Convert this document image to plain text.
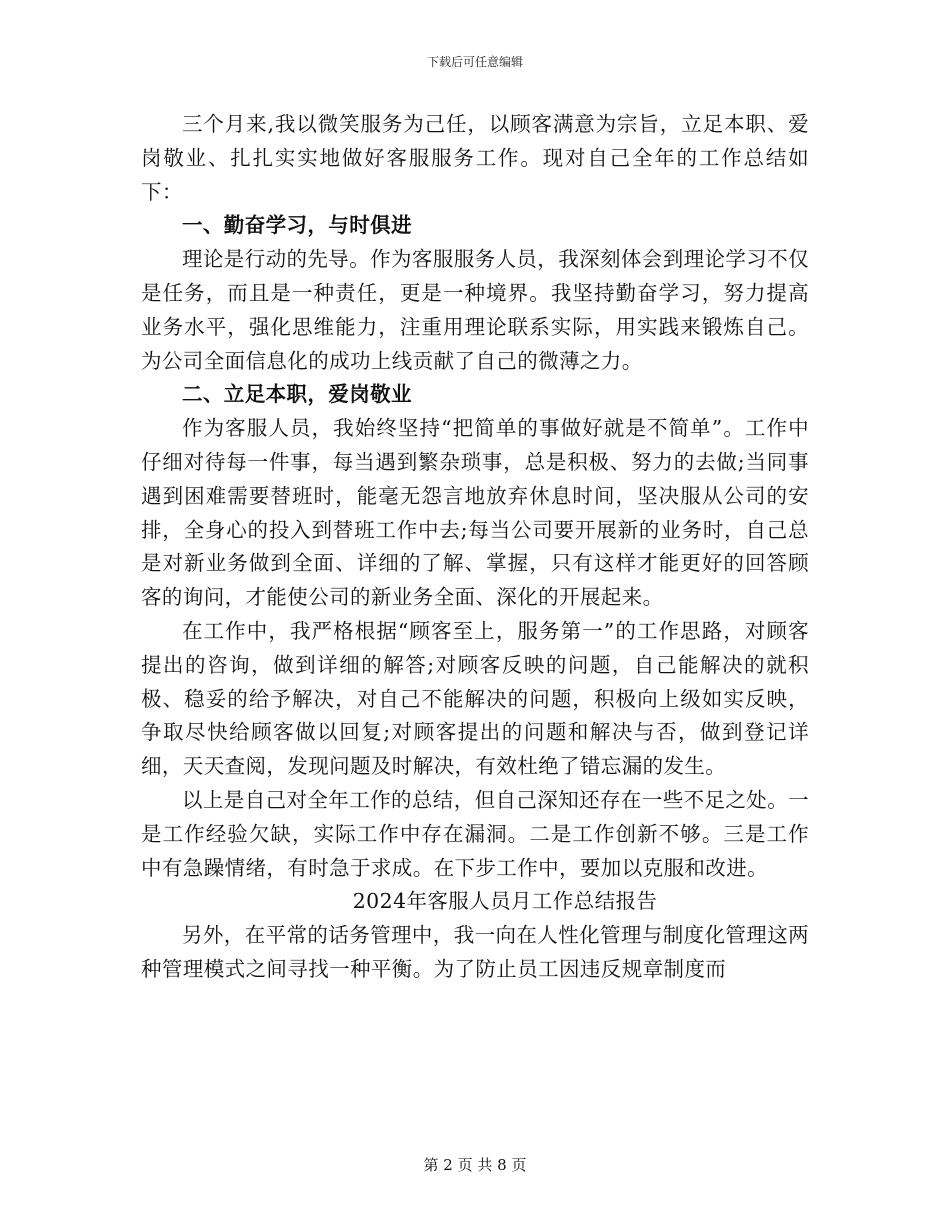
下载后可任意编辑

三个月来,我以微笑服务为己任，以顾客满意为宗旨，立足本职、爱岗敬业、扎扎实实地做好客服服务工作。现对自己全年的工作总结如下：

一、勤奋学习，与时俱进

理论是行动的先导。作为客服服务人员，我深刻体会到理论学习不仅是任务，而且是一种责任，更是一种境界。我坚持勤奋学习，努力提高业务水平，强化思维能力，注重用理论联系实际，用实践来锻炼自己。为公司全面信息化的成功上线贡献了自己的微薄之力。

二、立足本职，爱岗敬业

作为客服人员，我始终坚持“把简单的事做好就是不简单”。工作中仔细对待每一件事，每当遇到繁杂琐事，总是积极、努力的去做;当同事遇到困难需要替班时，能毫无怨言地放弃休息时间，坚决服从公司的安排，全身心的投入到替班工作中去;每当公司要开展新的业务时，自己总是对新业务做到全面、详细的了解、掌握，只有这样才能更好的回答顾客的询问，才能使公司的新业务全面、深化的开展起来。

在工作中，我严格根据“顾客至上，服务第一”的工作思路，对顾客提出的咨询，做到详细的解答;对顾客反映的问题，自己能解决的就积极、稳妥的给予解决，对自己不能解决的问题，积极向上级如实反映，争取尽快给顾客做以回复;对顾客提出的问题和解决与否，做到登记详细，天天查阅，发现问题及时解决，有效杜绝了错忘漏的发生。

以上是自己对全年工作的总结，但自己深知还存在一些不足之处。一是工作经验欠缺，实际工作中存在漏洞。二是工作创新不够。三是工作中有急躁情绪，有时急于求成。在下步工作中，要加以克服和改进。

2024年客服人员月工作总结报告

另外，在平常的话务管理中，我一向在人性化管理与制度化管理这两种管理模式之间寻找一种平衡。为了防止员工因违反规章制度而

第 2 页 共 8 页
